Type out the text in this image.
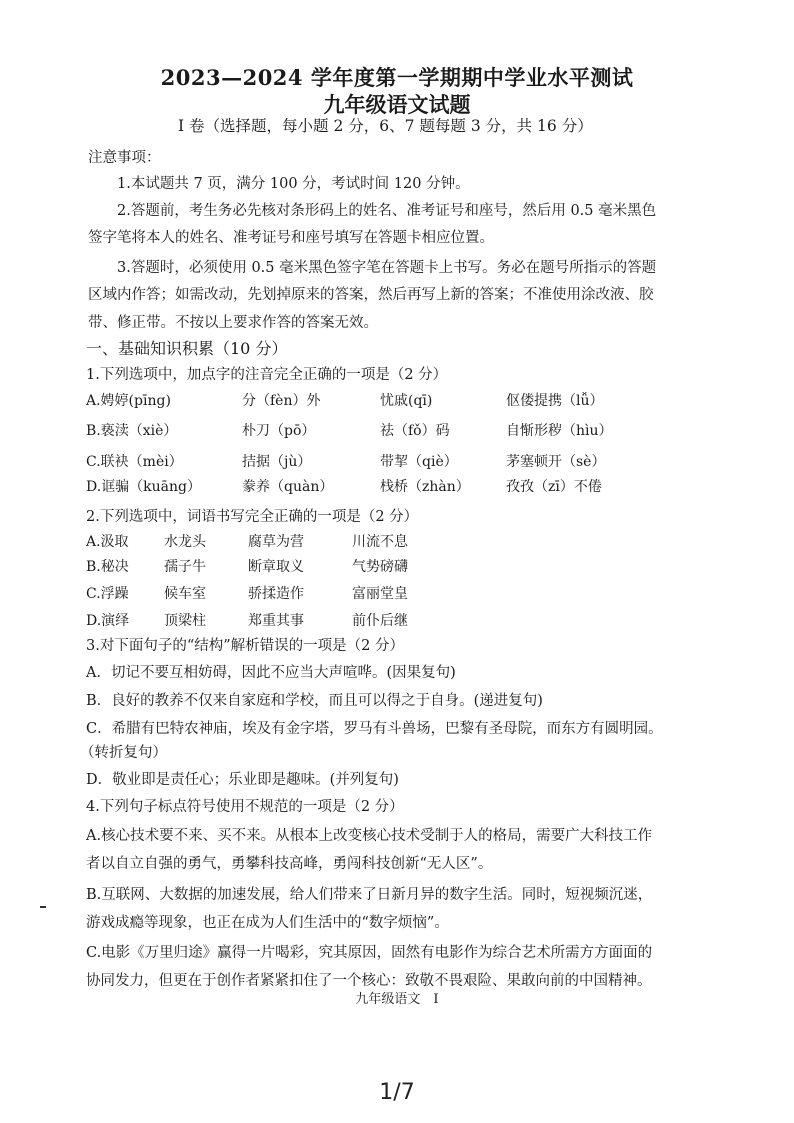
2023—2024 学年度第一学期期中学业水平测试
九年级语文试题
I 卷（选择题，每小题 2 分，6、7 题每题 3 分，共 16 分）
注意事项：
1.本试题共 7 页，满分 100 分，考试时间 120 分钟。
2.答题前，考生务必先核对条形码上的姓名、准考证号和座号，然后用 0.5 毫米黑色
签字笔将本人的姓名、准考证号和座号填写在答题卡相应位置。
3.答题时，必须使用 0.5 毫米黑色签字笔在答题卡上书写。务必在题号所指示的答题
区域内作答；如需改动，先划掉原来的答案，然后再写上新的答案；不准使用涂改液、胶
带、修正带。不按以上要求作答的答案无效。
一、基础知识积累（10 分）
1.下列选项中，加点字的注音完全正确的一项是（2 分）
A.娉婷(pīng)	分（fèn）外	忧戚(qī)	伛偻提携（lǚ）
B.亵渎（xiè）	朴刀（pō）	祛（fǒ）码	自惭形秽（hìu）
C.联袂（mèi）	拮据（jù）	带挈（qiè）	茅塞顿开（sè）
D.诓骗（kuāng）	豢养（quàn）	栈桥（zhàn）	孜孜（zī）不倦
2.下列选项中，词语书写完全正确的一项是（2 分）
A.汲取	水龙头	腐草为营	川流不息
B.秘决	孺子牛	断章取义	气势磅礴
C.浮躁	候车室	骄揉造作	富丽堂皇
D.演绎 顶梁柱	郑重其事	前仆后继
3.对下面句子的“结构”解析错误的一项是（2 分）
A．切记不要互相妨碍，因此不应当大声喧哗。(因果复句)
B．良好的教养不仅来自家庭和学校，而且可以得之于自身。(递进复句)
C．希腊有巴特农神庙，埃及有金字塔，罗马有斗兽场，巴黎有圣母院，而东方有圆明园。
（转折复句）
D．敬业即是责任心；乐业即是趣味。(并列复句)
4.下列句子标点符号使用不规范的一项是（2 分）
A.核心技术要不来、买不来。从根本上改变核心技术受制于人的格局，需要广大科技工作
者以自立自强的勇气，勇攀科技高峰，勇闯科技创新“无人区”。
B.互联网、大数据的加速发展，给人们带来了日新月异的数字生活。同时，短视频沉迷，
游戏成瘾等现象，也正在成为人们生活中的“数字烦恼”。
C.电影《万里归途》赢得一片喝彩，究其原因，固然有电影作为综合艺术所需方方面面的
协同发力，但更在于创作者紧紧扣住了一个核心：致敬不畏艰险、果敢向前的中国精神。
九年级语文　I
1/7
